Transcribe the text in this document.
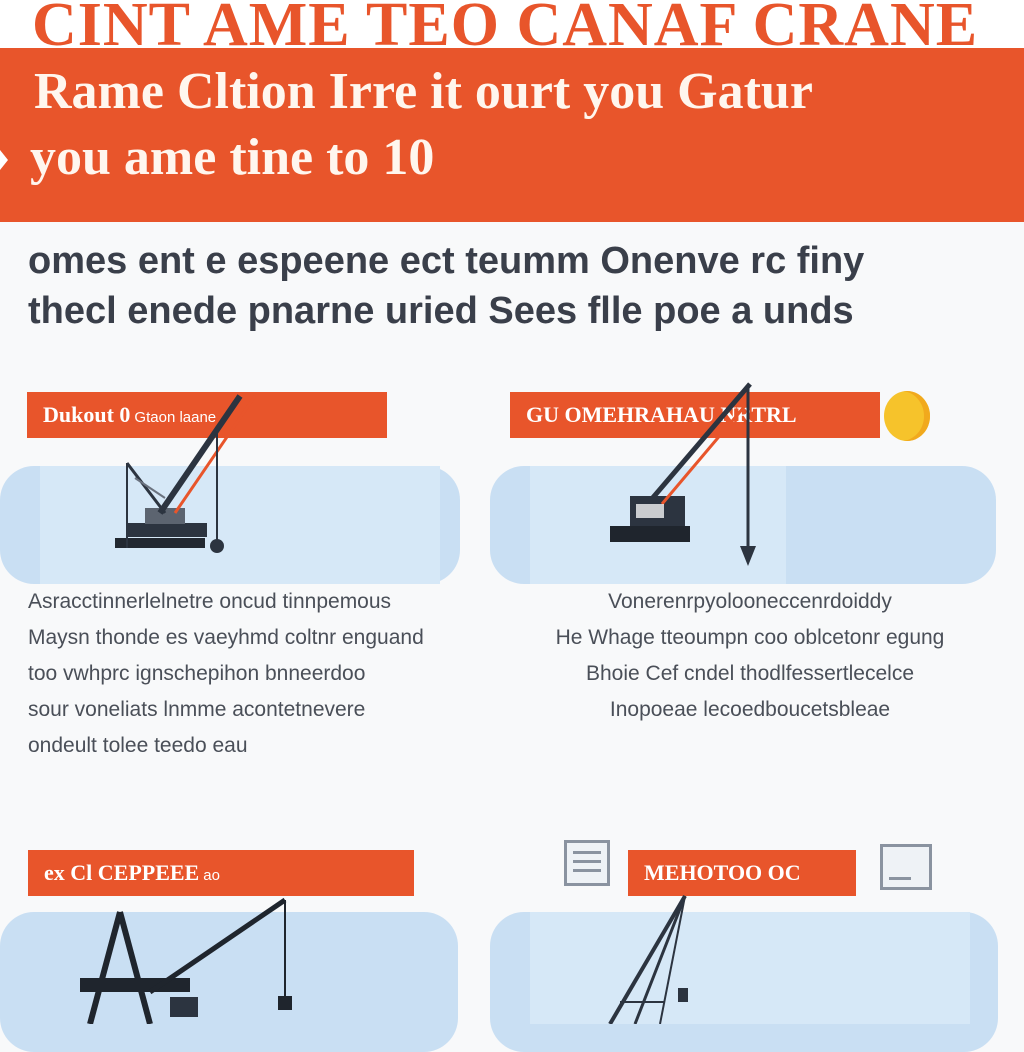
CINT AME TEO CANAF CRANE
Rame Cltion Irre it ourt you Gatur
you ame tine to 10
omes ent e espeene ect teumm Onenve rc finy
thecl enede pnarne uried Sees flle poe a unds
Dukout 0 Gtaon laane
Asracctinnerlelnetre oncud tinnpemous
Maysn thonde es vaeyhmd coltnr enguand
too vwhprc ignschepihon bnneerdoo
sour voneliats lnmme acontetnevere
ondeult tolee teedo eau
GU OMEHRAHAU NRTRL
Vonerenrpyolooneccenrdoiddy
He Whage tteoumpn coo oblcetonr egung
Bhoie Cef cndel thodlfessertlecelce
Inopoeae lecoedboucetsbleae
ex Cl CEPPEEE ao	MEHOTOO OC
